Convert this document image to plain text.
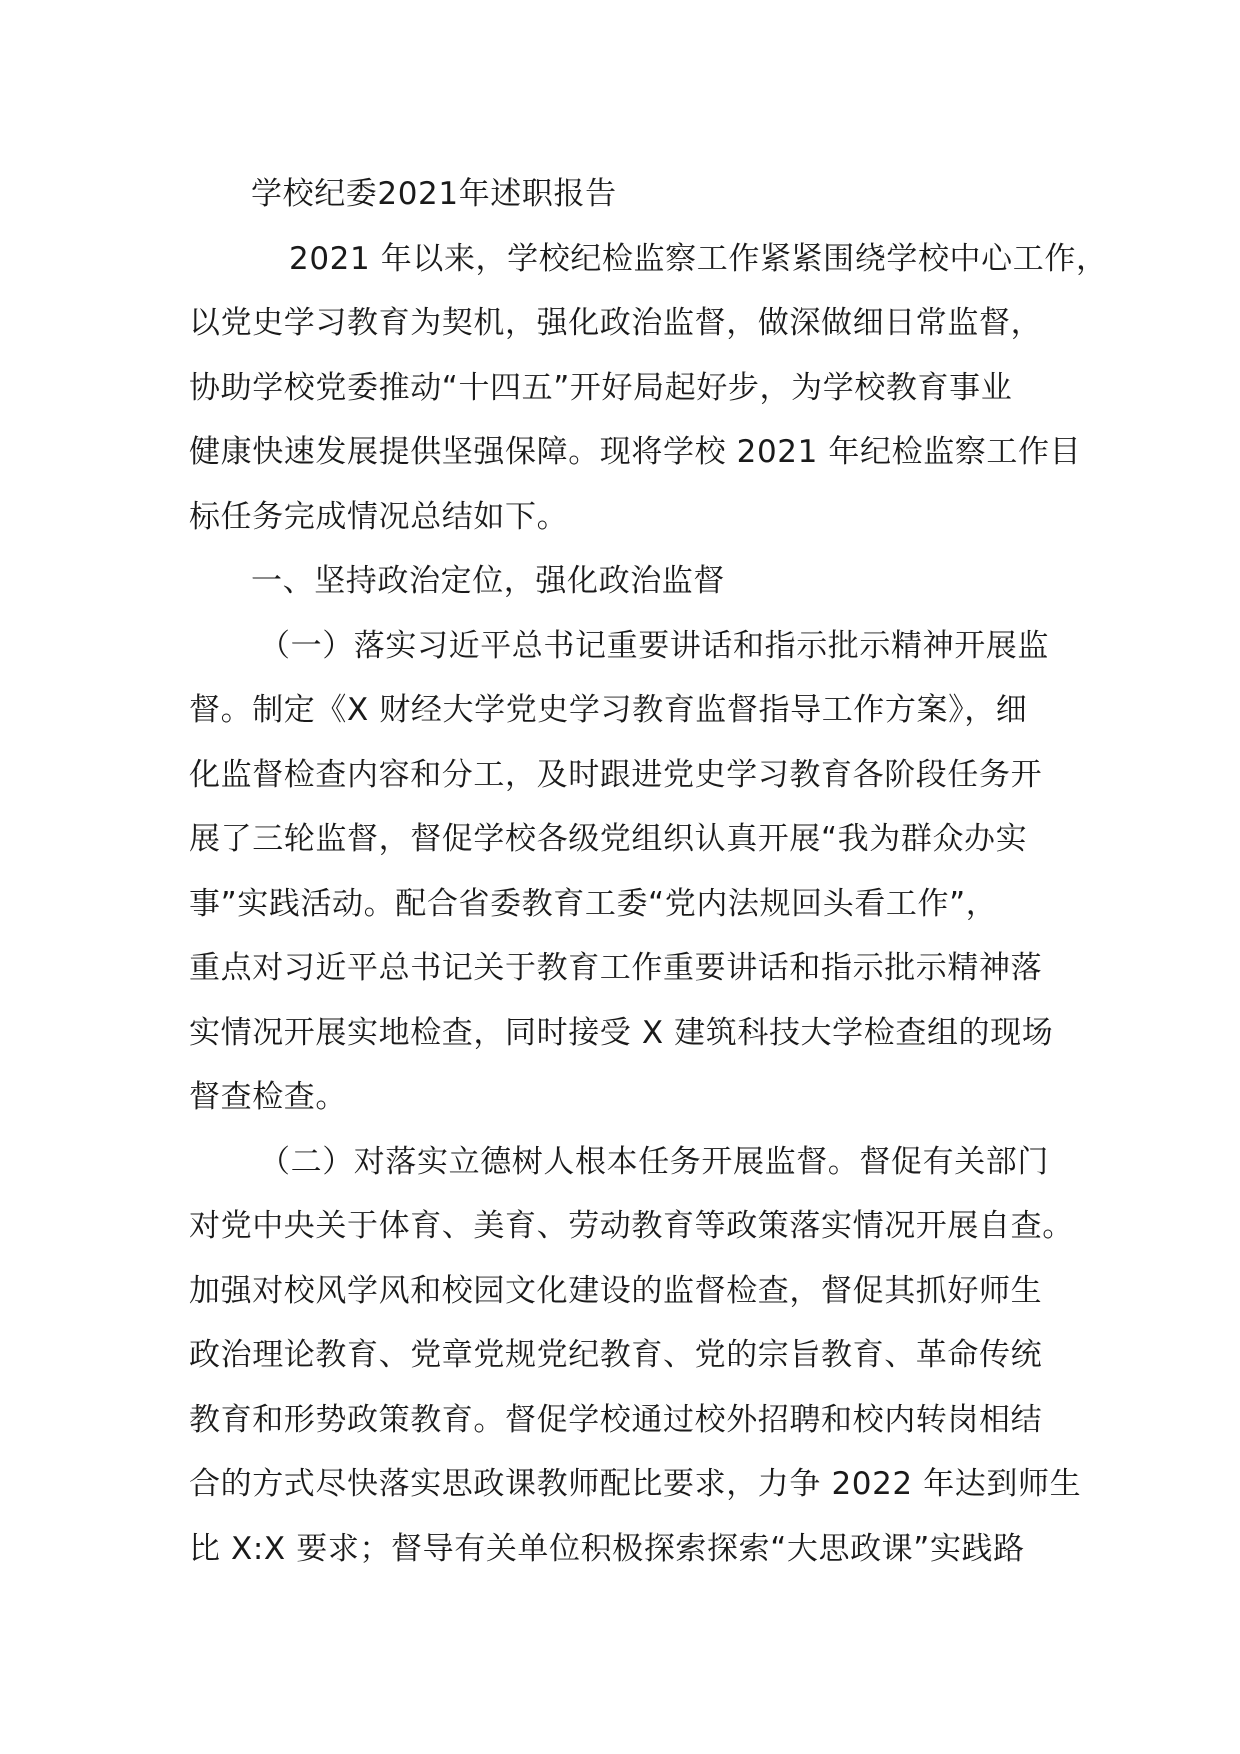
学校纪委2021年述职报告
2021 年以来，学校纪检监察工作紧紧围绕学校中心工作，
以党史学习教育为契机，强化政治监督，做深做细日常监督，
协助学校党委推动“十四五”开好局起好步，为学校教育事业
健康快速发展提供坚强保障。现将学校 2021 年纪检监察工作目
标任务完成情况总结如下。
一、坚持政治定位，强化政治监督
（一）落实习近平总书记重要讲话和指示批示精神开展监
督。制定《X 财经大学党史学习教育监督指导工作方案》，细
化监督检查内容和分工，及时跟进党史学习教育各阶段任务开
展了三轮监督，督促学校各级党组织认真开展“我为群众办实
事”实践活动。配合省委教育工委“党内法规回头看工作”，
重点对习近平总书记关于教育工作重要讲话和指示批示精神落
实情况开展实地检查，同时接受 X 建筑科技大学检查组的现场
督查检查。
（二）对落实立德树人根本任务开展监督。督促有关部门
对党中央关于体育、美育、劳动教育等政策落实情况开展自查。
加强对校风学风和校园文化建设的监督检查，督促其抓好师生
政治理论教育、党章党规党纪教育、党的宗旨教育、革命传统
教育和形势政策教育。督促学校通过校外招聘和校内转岗相结
合的方式尽快落实思政课教师配比要求，力争 2022 年达到师生
比 X:X 要求；督导有关单位积极探索探索“大思政课”实践路
